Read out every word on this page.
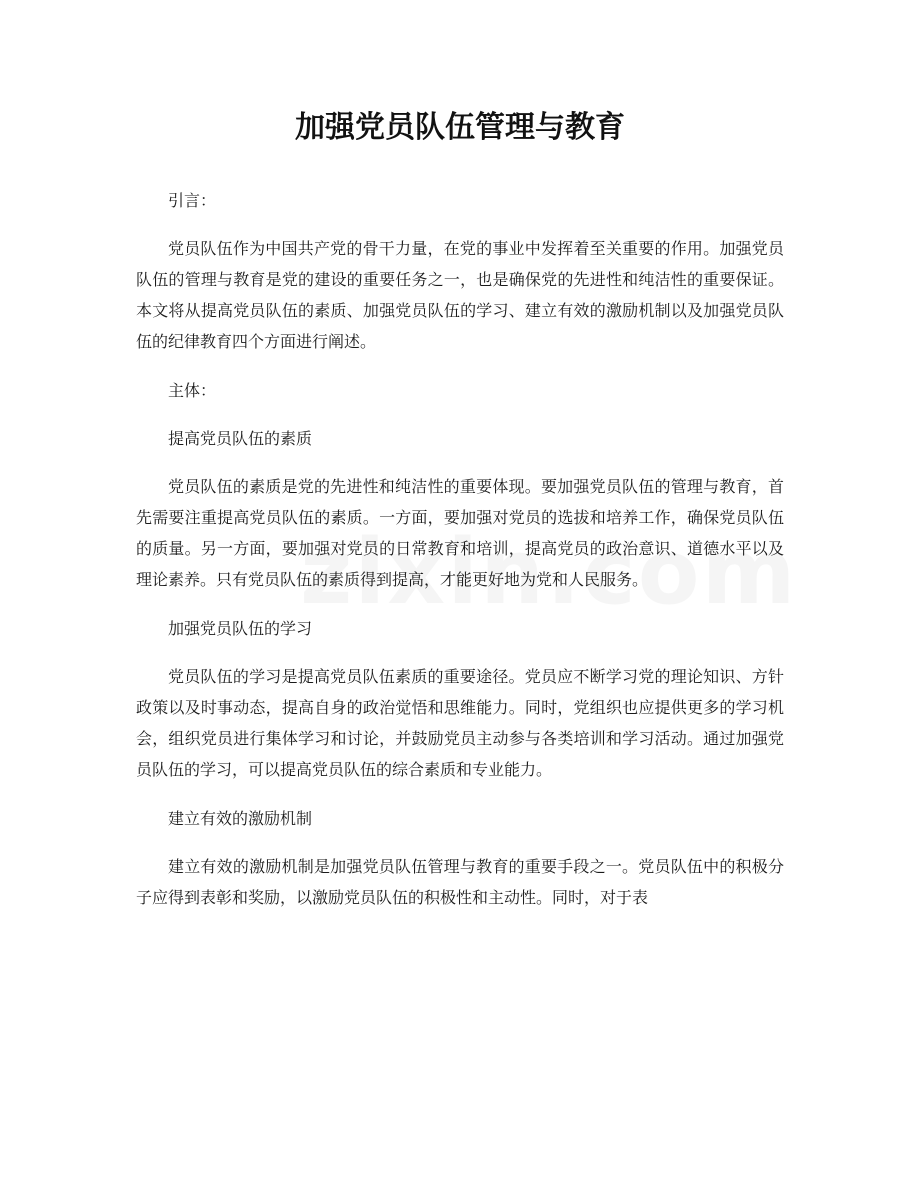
加强党员队伍管理与教育

引言：

党员队伍作为中国共产党的骨干力量，在党的事业中发挥着至关重要的作用。加强党员队伍的管理与教育是党的建设的重要任务之一，也是确保党的先进性和纯洁性的重要保证。本文将从提高党员队伍的素质、加强党员队伍的学习、建立有效的激励机制以及加强党员队伍的纪律教育四个方面进行阐述。

主体：

提高党员队伍的素质

党员队伍的素质是党的先进性和纯洁性的重要体现。要加强党员队伍的管理与教育，首先需要注重提高党员队伍的素质。一方面，要加强对党员的选拔和培养工作，确保党员队伍的质量。另一方面，要加强对党员的日常教育和培训，提高党员的政治意识、道德水平以及理论素养。只有党员队伍的素质得到提高，才能更好地为党和人民服务。

加强党员队伍的学习

党员队伍的学习是提高党员队伍素质的重要途径。党员应不断学习党的理论知识、方针政策以及时事动态，提高自身的政治觉悟和思维能力。同时，党组织也应提供更多的学习机会，组织党员进行集体学习和讨论，并鼓励党员主动参与各类培训和学习活动。通过加强党员队伍的学习，可以提高党员队伍的综合素质和专业能力。

建立有效的激励机制

建立有效的激励机制是加强党员队伍管理与教育的重要手段之一。党员队伍中的积极分子应得到表彰和奖励，以激励党员队伍的积极性和主动性。同时，对于表
